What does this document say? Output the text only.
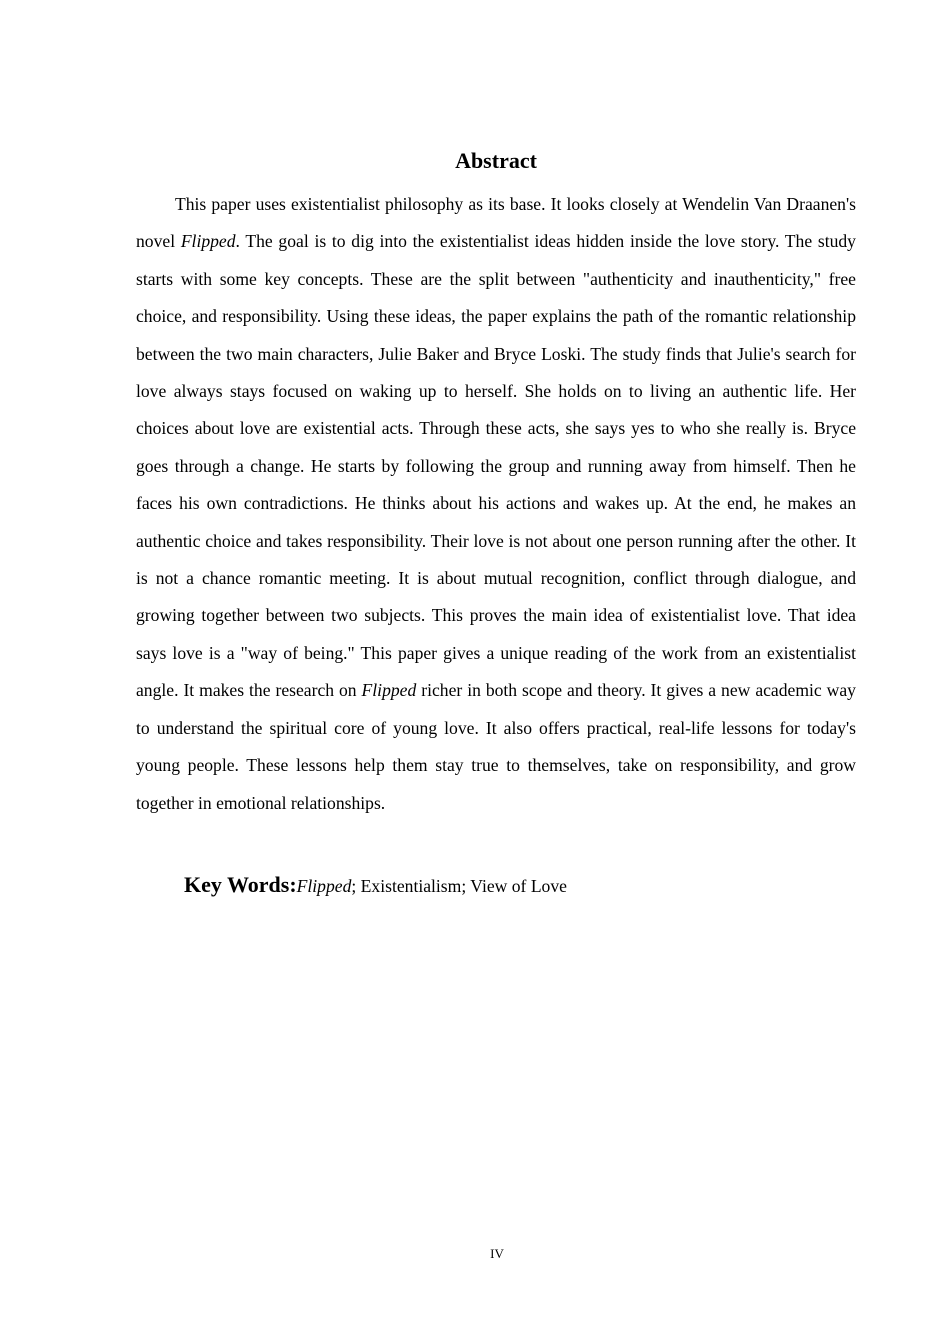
Abstract

This paper uses existentialist philosophy as its base. It looks closely at Wendelin Van Draanen's novel Flipped. The goal is to dig into the existentialist ideas hidden inside the love story. The study starts with some key concepts. These are the split between "authenticity and inauthenticity," free choice, and responsibility. Using these ideas, the paper explains the path of the romantic relationship between the two main characters, Julie Baker and Bryce Loski. The study finds that Julie's search for love always stays focused on waking up to herself. She holds on to living an authentic life. Her choices about love are existential acts. Through these acts, she says yes to who she really is. Bryce goes through a change. He starts by following the group and running away from himself. Then he faces his own contradictions. He thinks about his actions and wakes up. At the end, he makes an authentic choice and takes responsibility. Their love is not about one person running after the other. It is not a chance romantic meeting. It is about mutual recognition, conflict through dialogue, and growing together between two subjects. This proves the main idea of existentialist love. That idea says love is a "way of being." This paper gives a unique reading of the work from an existentialist angle. It makes the research on Flipped richer in both scope and theory. It gives a new academic way to understand the spiritual core of young love. It also offers practical, real-life lessons for today's young people. These lessons help them stay true to themselves, take on responsibility, and grow together in emotional relationships.

Key Words:Flipped; Existentialism; View of Love

IV
